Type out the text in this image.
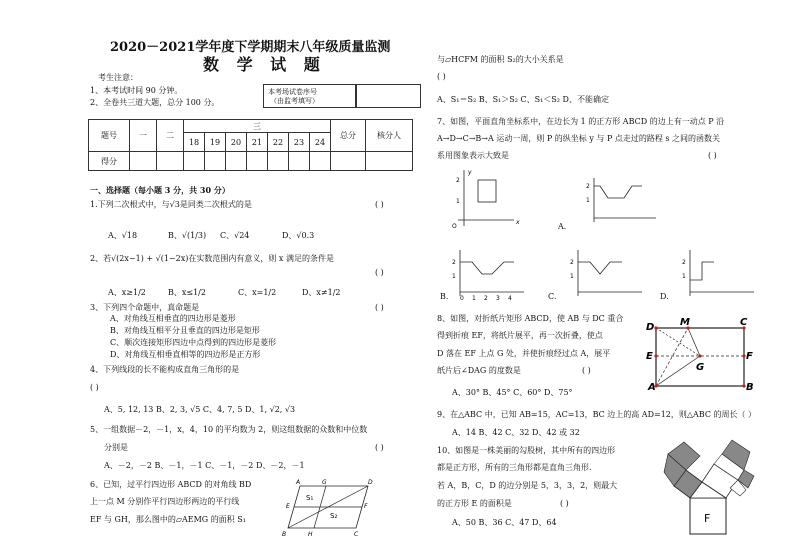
2020－2021学年度下学期期末八年级质量监测
数 学 试 题
考生注意：
1、本考试时间 90 分钟。
2、全卷共三道大题，总分 100 分。
本考场试卷序号
（由监考填写）
题号	一	二	三							总分	核分人
			18	19	20	21	22	23	24		
得分											
一、选择题（每小题 3 分，共 30 分）
1.下列二次根式中，与√3是同类二次根式的是	( )
A、√18	B、√(1/3) C、√24	D、√0.3
2、若√(2x−1) + √(1−2x)在实数范围内有意义，则 x 满足的条件是
( )
A、x≥1/2	B、x≤1/2	C、x=1/2	D、x≠1/2
3、下列四个命题中，真命题是	( )
A、对角线互相垂直的四边形是菱形
B、对角线互相平分且垂直的四边形是矩形
C、顺次连接矩形四边中点得到的四边形是菱形
D、对角线互相垂直相等的四边形是正方形
4、下列线段的长不能构成直角三角形的是
( )
A、5, 12, 13 B、2, 3, √5 C、4, 7, 5 D、1, √2, √3
5、一组数据－2，－1，x，4，10 的平均数为 2，则这组数据的众数和中位数
分别是	( )
A、－2，－2 B、－1，－1 C、－1，－2 D、－2，－1
6、已知，过平行四边形 ABCD 的对角线 BD
上一点 M 分别作平行四边形两边的平行线
EF 与 GH，那么图中的▱AEMG 的面积 S₁
S₁
S₂
E	F
G
H
B	C
D
A
与▱HCFM 的面积 S₂的大小关系是
( )
A、S₁＝S₂ B、S₁＞S₂ C、S₁＜S₂ D、不能确定
7、如图，平面直角坐标系中，在边长为 1 的正方形 ABCD 的边上有一动点 P 沿
A→D→C→B→A 运动一周，则 P 的纵坐标 y 与 P 点走过的路程 s 之间的函数关
系用图象表示大致是	( )
2
1
O
x
y
2
1
A.
2
1
0 1 2 3 4
B.
2
1
C.
2
1
D.
8、如图，对折纸片矩形 ABCD，使 AB 与 DC 重合
得到折痕 EF，将纸片展平，再一次折叠，使点
D 落在 EF 上点 G 处，并使折痕经过点 A，展平
纸片后∠DAG 的度数是	( )
A、30° B、45° C、60° D、75°
D	M	C
E	F
G
A	B
9、在△ABC 中，已知 AB=15，AC=13，BC 边上的高 AD=12，则△ABC 的周长（ ）
A、14 B、42 C、32 D、42 或 32
10、如图是一株美丽的勾股树，其中所有的四边形
都是正方形，所有的三角形都是直角三角形.
若 A，B，C，D 的边分别是 5，3，3，2，则最大
的正方形 E 的面积是	( )
A、50 B、36 C、47 D、64	F
